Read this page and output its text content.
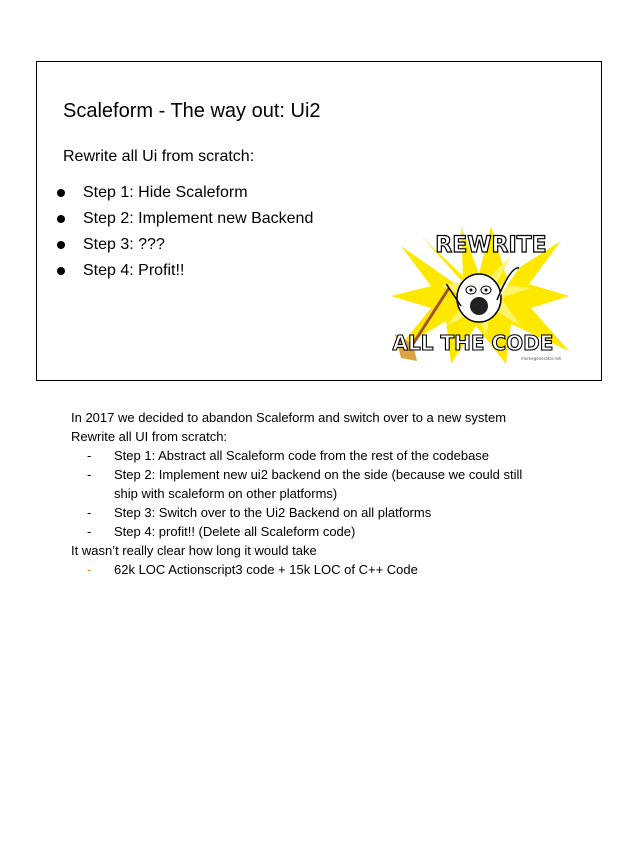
Scaleform - The way out: Ui2
Rewrite all Ui from scratch:
Step 1: Hide Scaleform
Step 2: Implement new Backend
Step 3: ???
Step 4: Profit!!
REWRITE
ALL THE CODE
memegenerator.net
In 2017 we decided to abandon Scaleform and switch over to a new system
Rewrite all UI from scratch:
-	Step 1: Abstract all Scaleform code from the rest of the codebase
-	Step 2: Implement new ui2 backend on the side (because we could still
ship with scaleform on other platforms)
-	Step 3: Switch over to the Ui2 Backend on all platforms
-	Step 4: profit!! (Delete all Scaleform code)
It wasn’t really clear how long it would take
-	62k LOC Actionscript3 code + 15k LOC of C++ Code
